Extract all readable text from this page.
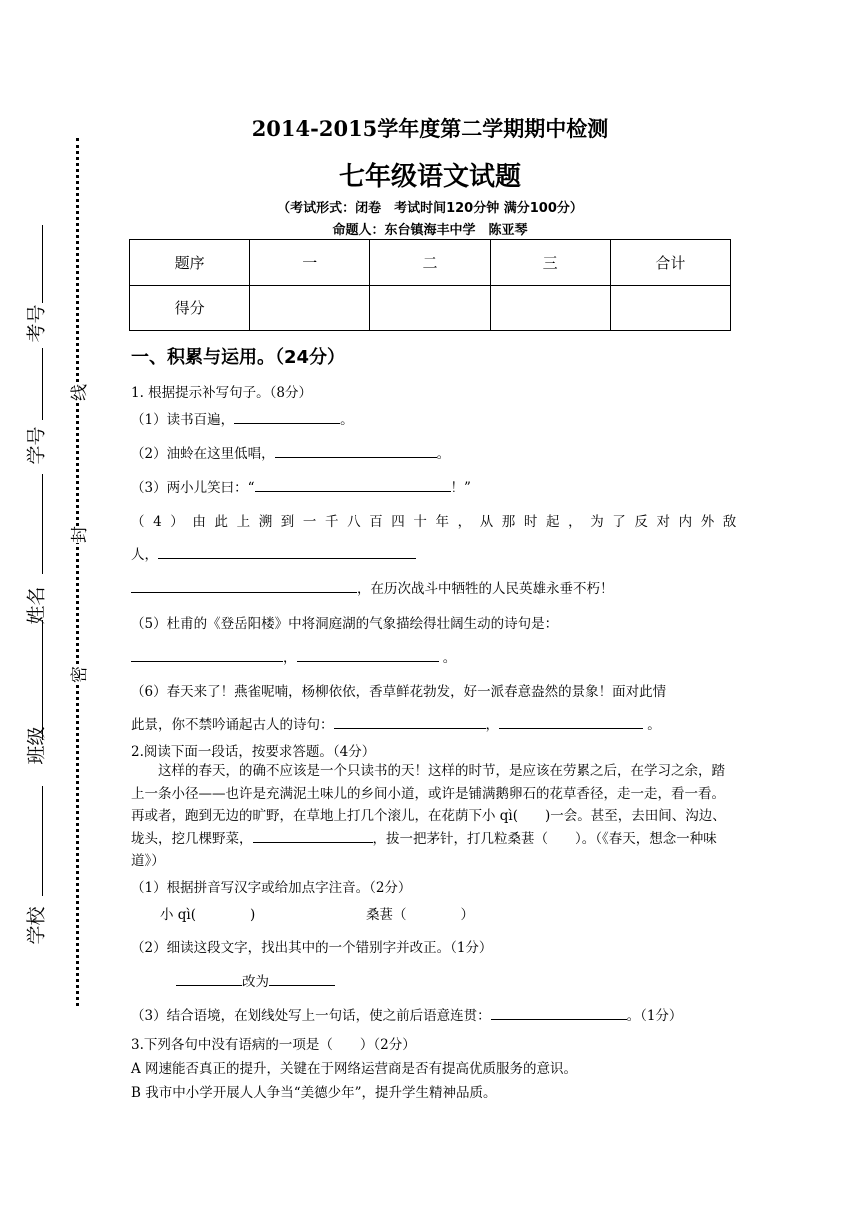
考号
学号
姓名
班级
学校
线
封
密
2014-2015学年度第二学期期中检测
七年级语文试题
（考试形式：闭卷　考试时间120分钟 满分100分）
命题人：东台镇海丰中学　陈亚琴
题序	一	二	三	合计
得分				
一、积累与运用。（24分）
1. 根据提示补写句子。（8分）
（1）读书百遍，	。
（2）油蛉在这里低唱，	。
（3）两小儿笑曰：“	！”
（4）由此上溯到一千八百四十年，从那时起，为了反对内外敌
人，
，在历次战斗中牺牲的人民英雄永垂不朽！
（5）杜甫的《登岳阳楼》中将洞庭湖的气象描绘得壮阔生动的诗句是：
，	。
（6）春天来了！燕雀呢喃，杨柳依依，香草鲜花勃发，好一派春意盎然的景象！面对此情
此景，你不禁吟诵起古人的诗句：	，	。
2.阅读下面一段话，按要求答题。（4分）
这样的春天，的确不应该是一个只读书的天！这样的时节，是应该在劳累之后，在学习之余，踏上一条小径——也许是充满泥土味儿的乡间小道，或许是铺满鹅卵石的花草香径，走一走，看一看。再或者，跑到无边的旷野，在草地上打几个滚儿，在花荫下小 qì(　　)一会。甚至，去田间、沟边、垅头，挖几棵野菜，	，拔一把茅针，打几粒桑葚（　　）。（《春天，想念一种味道》）
（1）根据拼音写汉字或给加点字注音。（2分）
小 qì(　　　　)	桑葚（　　　　）
（2）细读这段文字，找出其中的一个错别字并改正。（1分）
改为
（3）结合语境，在划线处写上一句话，使之前后语意连贯：	。（1分）
3.下列各句中没有语病的一项是（　　）（2分）
A 网速能否真正的提升，关键在于网络运营商是否有提高优质服务的意识。
B 我市中小学开展人人争当“美德少年”，提升学生精神品质。
